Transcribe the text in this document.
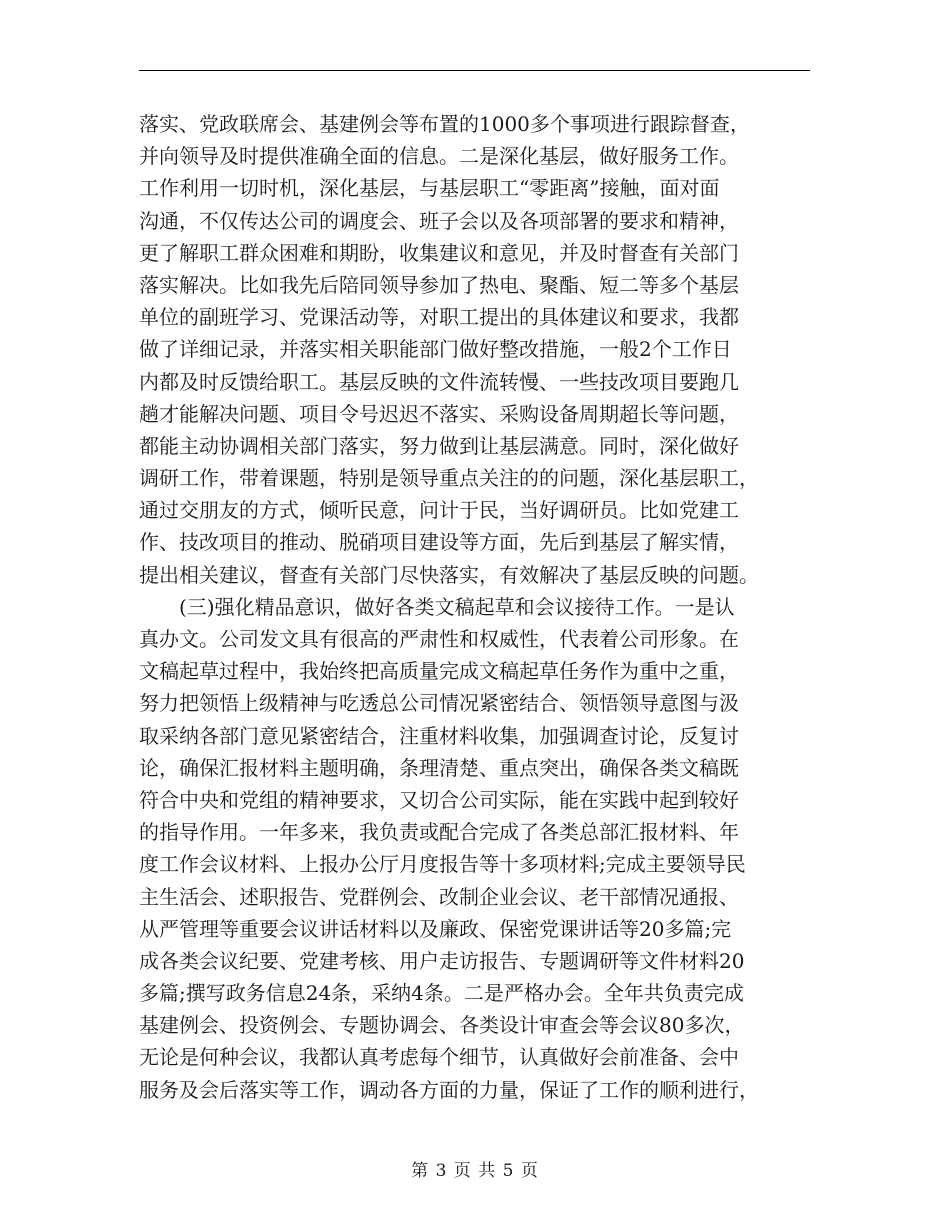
落实、党政联席会、基建例会等布置的1000多个事项进行跟踪督查，
并向领导及时提供准确全面的信息。二是深化基层，做好服务工作。
工作利用一切时机，深化基层，与基层职工“零距离”接触，面对面
沟通，不仅传达公司的调度会、班子会以及各项部署的要求和精神，
更了解职工群众困难和期盼，收集建议和意见，并及时督查有关部门
落实解决。比如我先后陪同领导参加了热电、聚酯、短二等多个基层
单位的副班学习、党课活动等，对职工提出的具体建议和要求，我都
做了详细记录，并落实相关职能部门做好整改措施，一般2个工作日
内都及时反馈给职工。基层反映的文件流转慢、一些技改项目要跑几
趟才能解决问题、项目令号迟迟不落实、采购设备周期超长等问题，
都能主动协调相关部门落实，努力做到让基层满意。同时，深化做好
调研工作，带着课题，特别是领导重点关注的的问题，深化基层职工，
通过交朋友的方式，倾听民意，问计于民，当好调研员。比如党建工
作、技改项目的推动、脱硝项目建设等方面，先后到基层了解实情，
提出相关建议，督查有关部门尽快落实，有效解决了基层反映的问题。
　　(三)强化精品意识，做好各类文稿起草和会议接待工作。一是认
真办文。公司发文具有很高的严肃性和权威性，代表着公司形象。在
文稿起草过程中，我始终把高质量完成文稿起草任务作为重中之重，
努力把领悟上级精神与吃透总公司情况紧密结合、领悟领导意图与汲
取采纳各部门意见紧密结合，注重材料收集，加强调查讨论，反复讨
论，确保汇报材料主题明确，条理清楚、重点突出，确保各类文稿既
符合中央和党组的精神要求，又切合公司实际，能在实践中起到较好
的指导作用。一年多来，我负责或配合完成了各类总部汇报材料、年
度工作会议材料、上报办公厅月度报告等十多项材料;完成主要领导民
主生活会、述职报告、党群例会、改制企业会议、老干部情况通报、
从严管理等重要会议讲话材料以及廉政、保密党课讲话等20多篇;完
成各类会议纪要、党建考核、用户走访报告、专题调研等文件材料20
多篇;撰写政务信息24条，采纳4条。二是严格办会。全年共负责完成
基建例会、投资例会、专题协调会、各类设计审查会等会议80多次，
无论是何种会议，我都认真考虑每个细节，认真做好会前准备、会中
服务及会后落实等工作，调动各方面的力量，保证了工作的顺利进行，
第 3 页 共 5 页
